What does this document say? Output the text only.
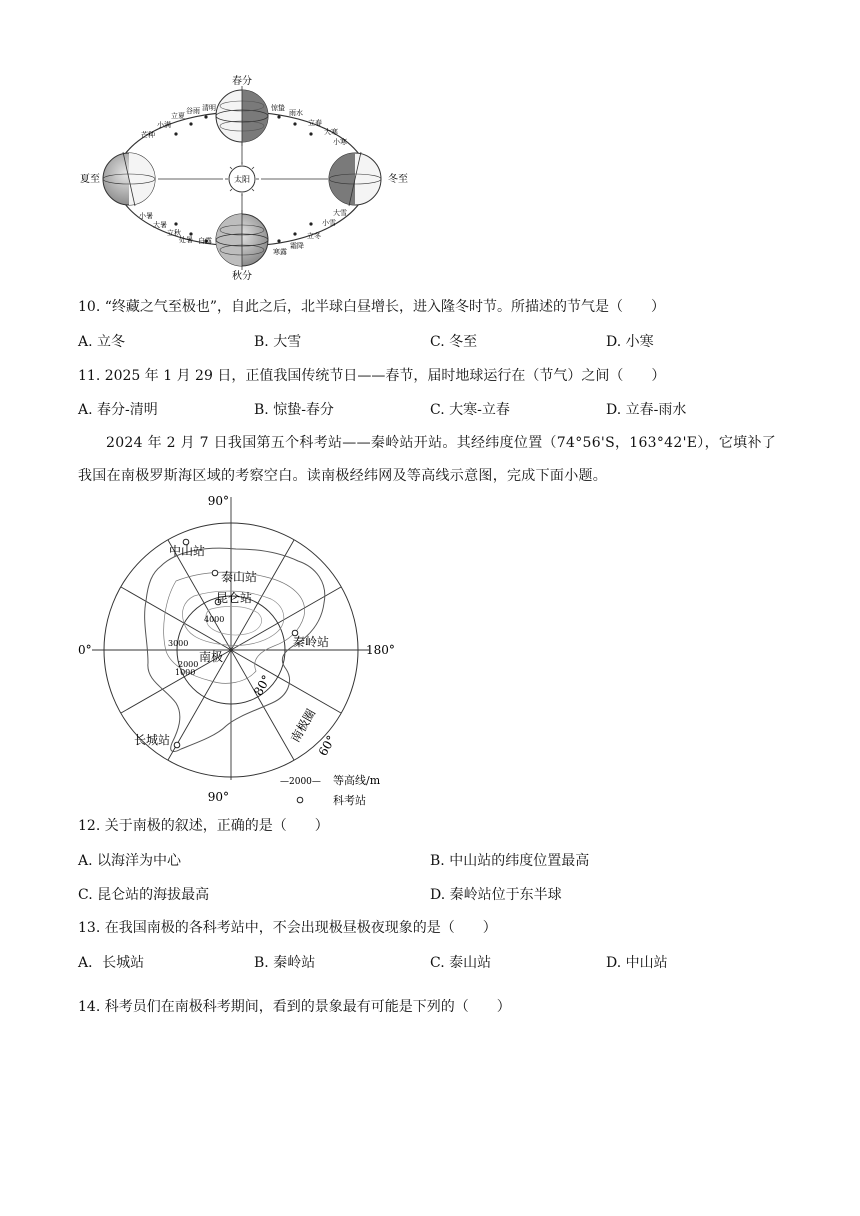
太阳
春分
夏至	冬至
秋分
芒种
小满
立夏
谷雨 清明	惊蛰
雨水
立春
大寒
小寒
小暑
大暑
立秋
处暑 白露
寒露
霜降
立冬
小雪
大雪
10. “终藏之气至极也”，自此之后，北半球白昼增长，进入隆冬时节。所描述的节气是（　　）
A. 立冬	B. 大雪	C. 冬至	D. 小寒
11. 2025 年 1 月 29 日，正值我国传统节日——春节，届时地球运行在（节气）之间（　　）
A. 春分-清明	B. 惊蛰-春分	C. 大寒-立春	D. 立春-雨水
2024 年 2 月 7 日我国第五个科考站——秦岭站开站。其经纬度位置（74°56'S，163°42'E），它填补了我国在南极罗斯海区域的考察空白。读南极经纬网及等高线示意图，完成下面小题。
90°
90°
0°	180°
中山站
泰山站
昆仑站
秦岭站
长城站
南极
4000
3000
2000
1000
80°
60°
南极圈
—2000— 等高线/m
科考站
12. 关于南极的叙述，正确的是（　　）
A. 以海洋为中心	B. 中山站的纬度位置最高
C. 昆仑站的海拔最高	D. 秦岭站位于东半球
13. 在我国南极的各科考站中，不会出现极昼极夜现象的是（　　）
A．长城站	B. 秦岭站	C. 泰山站	D. 中山站
14. 科考员们在南极科考期间，看到的景象最有可能是下列的（　　）
